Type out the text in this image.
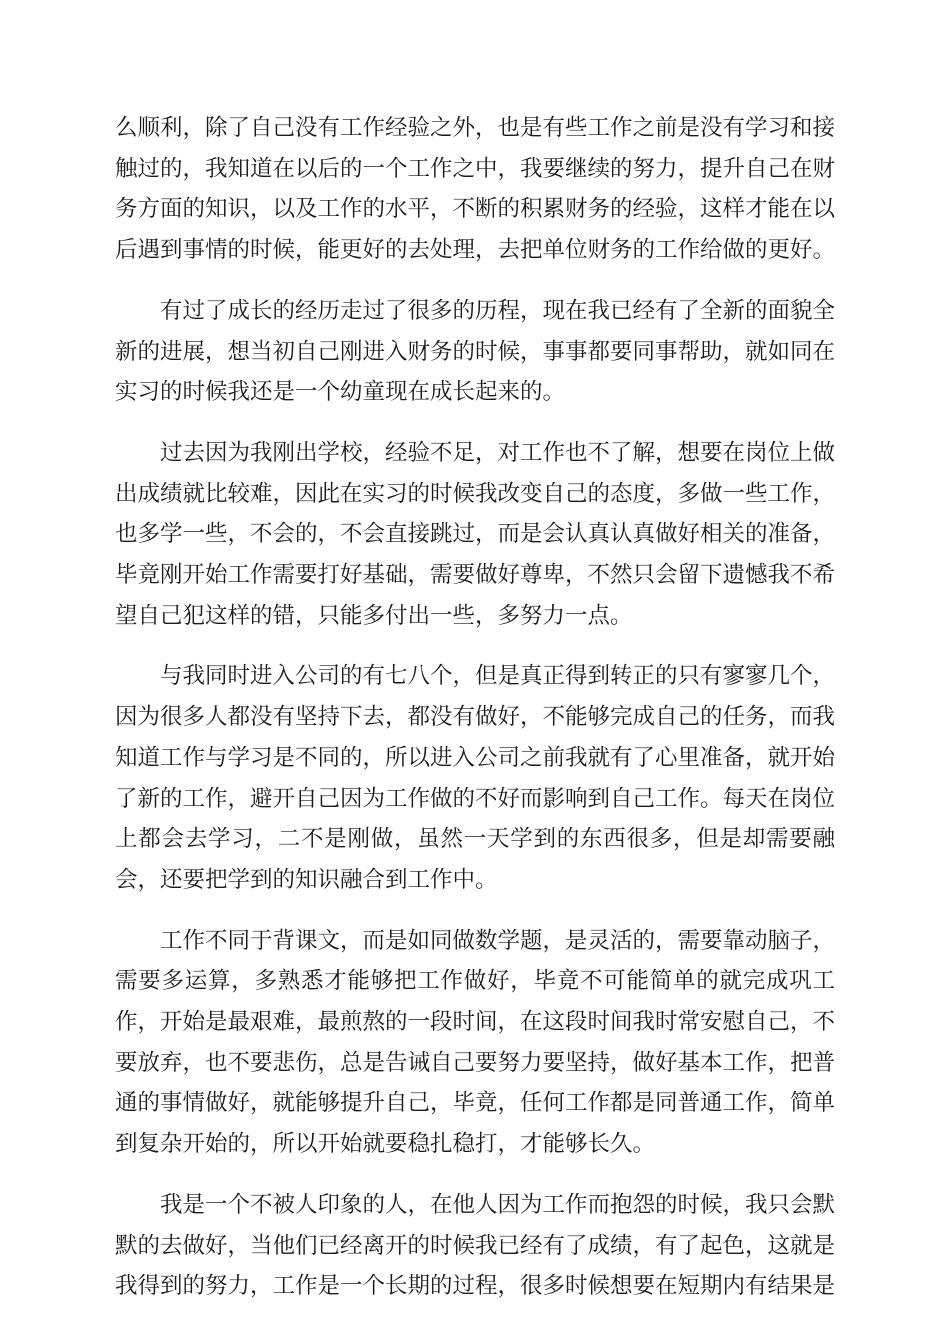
么顺利，除了自己没有工作经验之外，也是有些工作之前是没有学习和接触过的，我知道在以后的一个工作之中，我要继续的努力，提升自己在财务方面的知识，以及工作的水平，不断的积累财务的经验，这样才能在以后遇到事情的时候，能更好的去处理，去把单位财务的工作给做的更好。

有过了成长的经历走过了很多的历程，现在我已经有了全新的面貌全新的进展，想当初自己刚进入财务的时候，事事都要同事帮助，就如同在实习的时候我还是一个幼童现在成长起来的。

过去因为我刚出学校，经验不足，对工作也不了解，想要在岗位上做出成绩就比较难，因此在实习的时候我改变自己的态度，多做一些工作，也多学一些，不会的，不会直接跳过，而是会认真认真做好相关的准备，毕竟刚开始工作需要打好基础，需要做好尊卑，不然只会留下遗憾我不希望自己犯这样的错，只能多付出一些，多努力一点。

与我同时进入公司的有七八个，但是真正得到转正的只有寥寥几个，因为很多人都没有坚持下去，都没有做好，不能够完成自己的任务，而我知道工作与学习是不同的，所以进入公司之前我就有了心里准备，就开始了新的工作，避开自己因为工作做的不好而影响到自己工作。每天在岗位上都会去学习，二不是刚做，虽然一天学到的东西很多，但是却需要融会，还要把学到的知识融合到工作中。

工作不同于背课文，而是如同做数学题，是灵活的，需要靠动脑子，需要多运算，多熟悉才能够把工作做好，毕竟不可能简单的就完成巩工作，开始是最艰难，最煎熬的一段时间，在这段时间我时常安慰自己，不要放弃，也不要悲伤，总是告诫自己要努力要坚持，做好基本工作，把普通的事情做好，就能够提升自己，毕竟，任何工作都是同普通工作，简单到复杂开始的，所以开始就要稳扎稳打，才能够长久。

我是一个不被人印象的人，在他人因为工作而抱怨的时候，我只会默默的去做好，当他们已经离开的时候我已经有了成绩，有了起色，这就是我得到的努力，工作是一个长期的过程，很多时候想要在短期内有结果是
